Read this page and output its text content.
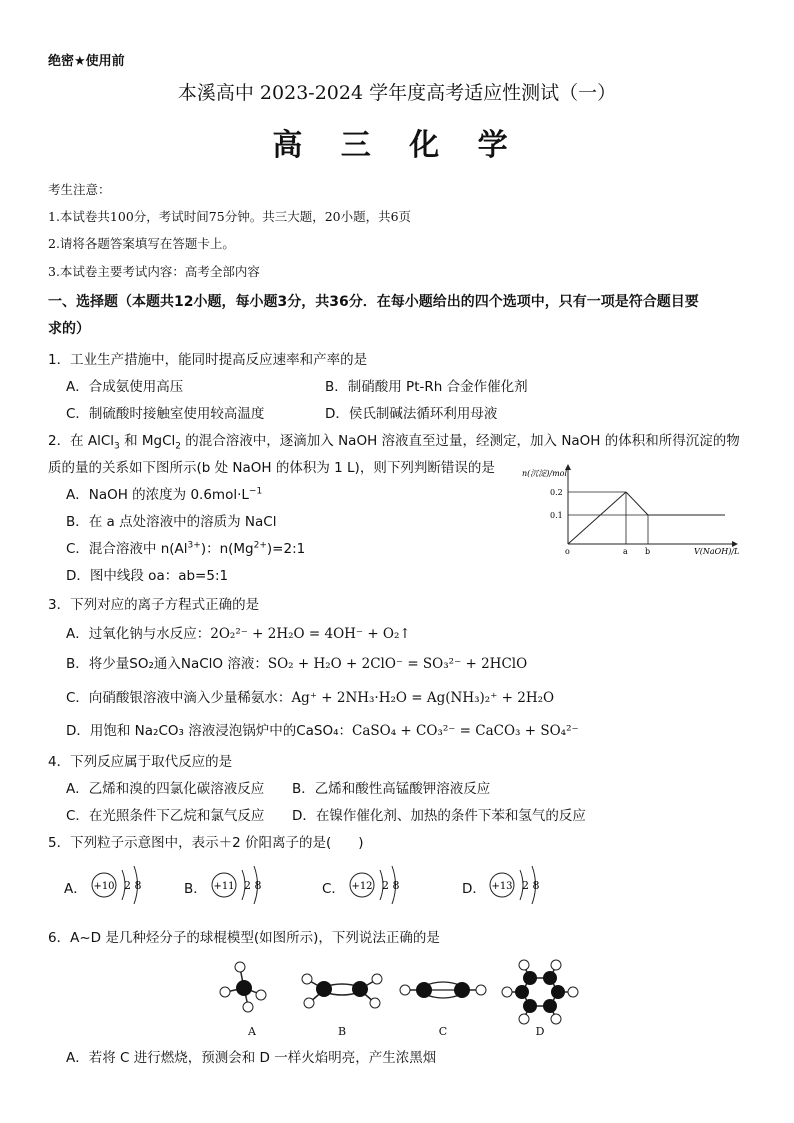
绝密★使用前
本溪高中 2023-2024 学年度高考适应性测试（一）
高 三 化 学
考生注意：
1.本试卷共100分，考试时间75分钟。共三大题，20小题，共6页
2.请将各题答案填写在答题卡上。
3.本试卷主要考试内容：高考全部内容
一、选择题（本题共12小题，每小题3分，共36分．在每小题给出的四个选项中，只有一项是符合题目要
求的）
1．工业生产措施中，能同时提高反应速率和产率的是
A．合成氨使用高压	B．制硝酸用 Pt-Rh 合金作催化剂
C．制硫酸时接触室使用较高温度	D．侯氏制碱法循环利用母液
2．在 AlCl$_3$ 和 MgCl$_2$ 的混合溶液中，逐滴加入 NaOH 溶液直至过量，经测定，加入 NaOH 的体积和所得沉淀的物
质的量的关系如下图所示(b 处 NaOH 的体积为 1 L)，则下列判断错误的是
A．NaOH 的浓度为 $0.6mol\cdot L^{-1}$
B．在 a 点处溶液中的溶质为 NaCl
C．混合溶液中 $n(Al^{3+})$：$n(Mg^{2+})=2:1$
D．图中线段 oa：ab=5:1
n(沉淀)/mol
0.2
0.1
o	a b	V(NaOH)/L
3．下列对应的离子方程式正确的是
A．过氧化钠与水反应：2O₂²⁻ + 2H₂O = 4OH⁻ + O₂↑
B．将少量SO₂通入NaClO 溶液：SO₂ + H₂O + 2ClO⁻ = SO₃²⁻ + 2HClO
C．向硝酸银溶液中滴入少量稀氨水：Ag⁺ + 2NH₃·H₂O = Ag(NH₃)₂⁺ + 2H₂O
D．用饱和 Na₂CO₃ 溶液浸泡锅炉中的CaSO₄：CaSO₄ + CO₃²⁻ = CaCO₃ + SO₄²⁻
4．下列反应属于取代反应的是
A．乙烯和溴的四氯化碳溶液反应 B．乙烯和酸性高锰酸钾溶液反应
C．在光照条件下乙烷和氯气反应 D．在镍作催化剂、加热的条件下苯和氢气的反应
5．下列粒子示意图中，表示＋2 价阳离子的是(　　)
A． +10 2 8	B． +11 2 8	C． +12 2 8	D． +13 2 8
6．A~D 是几种烃分子的球棍模型(如图所示)，下列说法正确的是
A	B	C	D
A．若将 C 进行燃烧，预测会和 D 一样火焰明亮，产生浓黑烟
